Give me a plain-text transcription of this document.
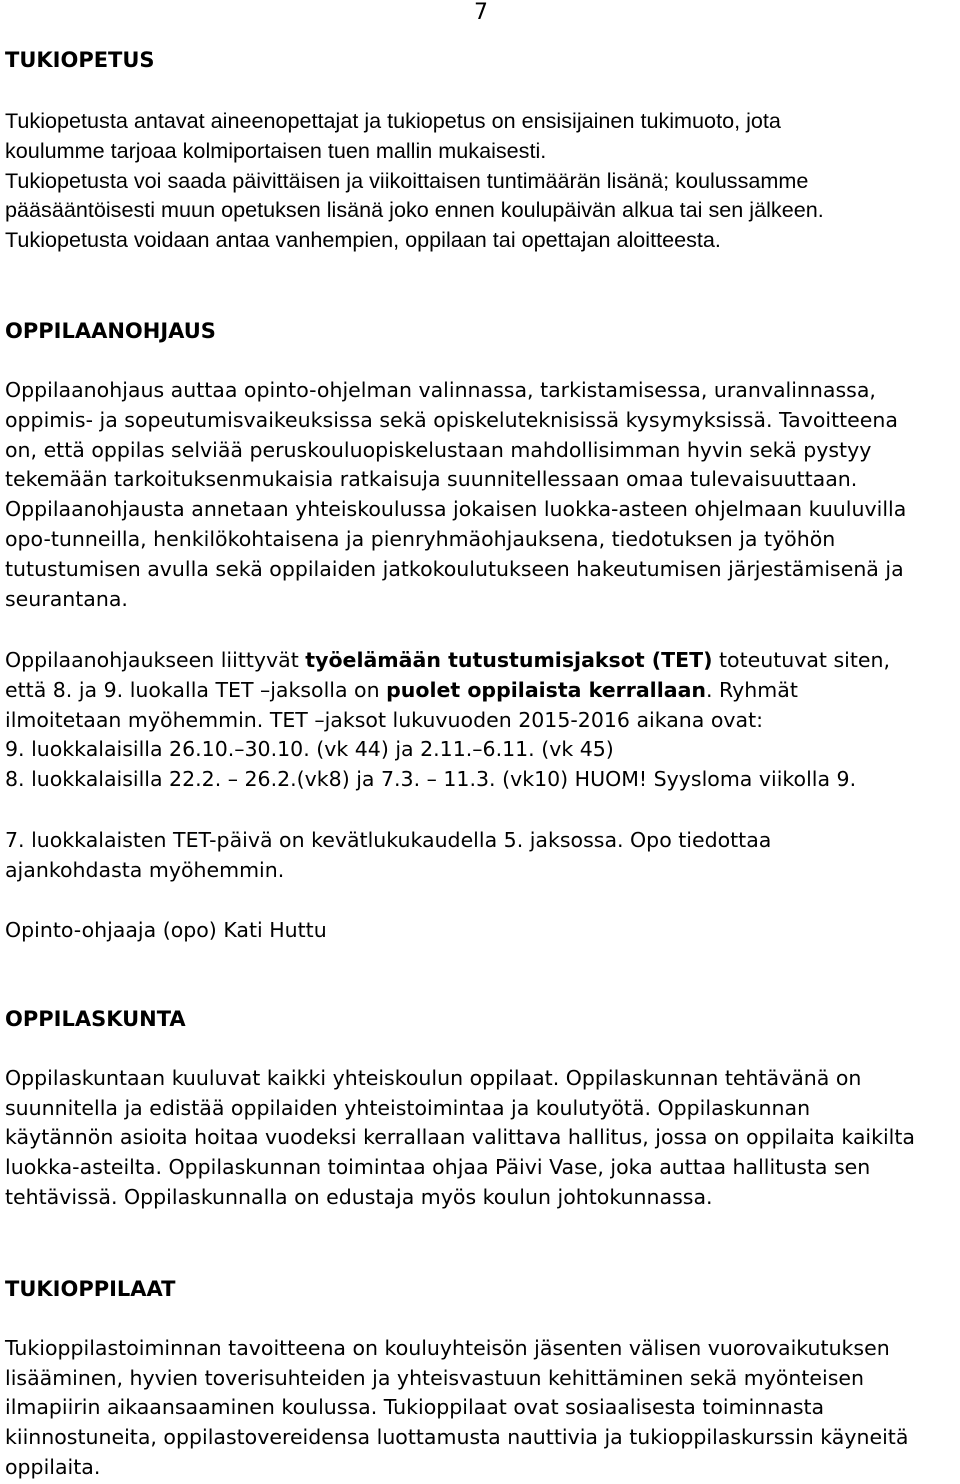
7
TUKIOPETUS

Tukiopetusta antavat aineenopettajat ja tukiopetus on ensisijainen tukimuoto, jota
koulumme tarjoaa kolmiportaisen tuen mallin mukaisesti.
Tukiopetusta voi saada päivittäisen ja viikoittaisen tuntimäärän lisänä; koulussamme
pääsääntöisesti muun opetuksen lisänä joko ennen koulupäivän alkua tai sen jälkeen.
Tukiopetusta voidaan antaa vanhempien, oppilaan tai opettajan aloitteesta.

OPPILAANOHJAUS

Oppilaanohjaus auttaa opinto-ohjelman valinnassa, tarkistamisessa, uranvalinnassa,
oppimis- ja sopeutumisvaikeuksissa sekä opiskeluteknisissä kysymyksissä. Tavoitteena
on, että oppilas selviää peruskouluopiskelustaan mahdollisimman hyvin sekä pystyy
tekemään tarkoituksenmukaisia ratkaisuja suunnitellessaan omaa tulevaisuuttaan.
Oppilaanohjausta annetaan yhteiskoulussa jokaisen luokka-asteen ohjelmaan kuuluvilla
opo-tunneilla, henkilökohtaisena ja pienryhmäohjauksena, tiedotuksen ja työhön
tutustumisen avulla sekä oppilaiden jatkokoulutukseen hakeutumisen järjestämisenä ja
seurantana.

Oppilaanohjaukseen liittyvät työelämään tutustumisjaksot (TET) toteutuvat siten,
että 8. ja 9. luokalla TET –jaksolla on puolet oppilaista kerrallaan. Ryhmät
ilmoitetaan myöhemmin. TET –jaksot lukuvuoden 2015-2016 aikana ovat:
9. luokkalaisilla 26.10.–30.10. (vk 44) ja 2.11.–6.11. (vk 45)
8. luokkalaisilla 22.2. – 26.2.(vk8) ja 7.3. – 11.3. (vk10) HUOM! Syysloma viikolla 9.

7. luokkalaisten TET-päivä on kevätlukukaudella 5. jaksossa. Opo tiedottaa
ajankohdasta myöhemmin.

Opinto-ohjaaja (opo) Kati Huttu
OPPILASKUNTA

Oppilaskuntaan kuuluvat kaikki yhteiskoulun oppilaat. Oppilaskunnan tehtävänä on
suunnitella ja edistää oppilaiden yhteistoimintaa ja koulutyötä. Oppilaskunnan
käytännön asioita hoitaa vuodeksi kerrallaan valittava hallitus, jossa on oppilaita kaikilta
luokka-asteilta. Oppilaskunnan toimintaa ohjaa Päivi Vase, joka auttaa hallitusta sen
tehtävissä. Oppilaskunnalla on edustaja myös koulun johtokunnassa.

TUKIOPPILAAT

Tukioppilastoiminnan tavoitteena on kouluyhteisön jäsenten välisen vuorovaikutuksen
lisääminen, hyvien toverisuhteiden ja yhteisvastuun kehittäminen sekä myönteisen
ilmapiirin aikaansaaminen koulussa. Tukioppilaat ovat sosiaalisesta toiminnasta
kiinnostuneita, oppilastovereidensa luottamusta nauttivia ja tukioppilaskurssin käyneitä
oppilaita.
